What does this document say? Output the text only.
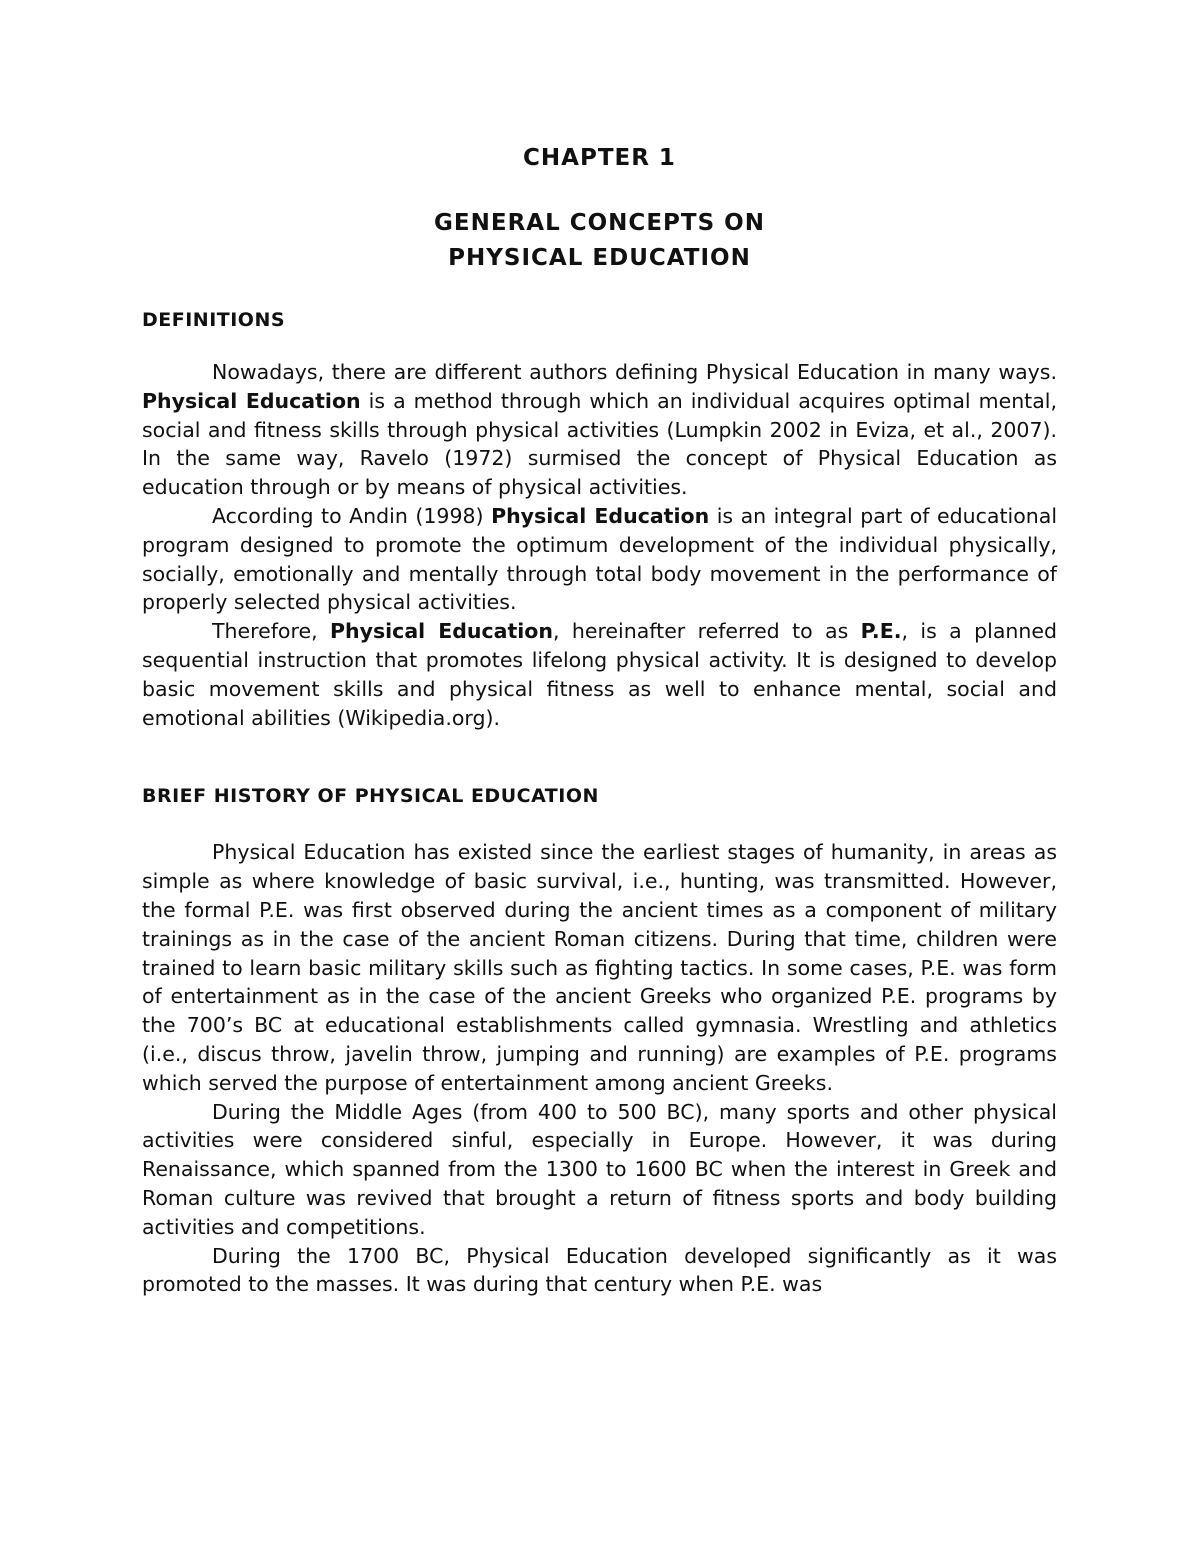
CHAPTER 1
GENERAL CONCEPTS ON
PHYSICAL EDUCATION
DEFINITIONS

Nowadays, there are different authors defining Physical Education in many ways. Physical Education is a method through which an individual acquires optimal mental, social and fitness skills through physical activities (Lumpkin 2002 in Eviza, et al., 2007). In the same way, Ravelo (1972) surmised the concept of Physical Education as education through or by means of physical activities.

According to Andin (1998) Physical Education is an integral part of educational program designed to promote the optimum development of the individual physically, socially, emotionally and mentally through total body movement in the performance of properly selected physical activities.

Therefore, Physical Education, hereinafter referred to as P.E., is a planned sequential instruction that promotes lifelong physical activity. It is designed to develop basic movement skills and physical fitness as well to enhance mental, social and emotional abilities (Wikipedia.org).

BRIEF HISTORY OF PHYSICAL EDUCATION

Physical Education has existed since the earliest stages of humanity, in areas as simple as where knowledge of basic survival, i.e., hunting, was transmitted. However, the formal P.E. was first observed during the ancient times as a component of military trainings as in the case of the ancient Roman citizens. During that time, children were trained to learn basic military skills such as fighting tactics. In some cases, P.E. was form of entertainment as in the case of the ancient Greeks who organized P.E. programs by the 700’s BC at educational establishments called gymnasia. Wrestling and athletics (i.e., discus throw, javelin throw, jumping and running) are examples of P.E. programs which served the purpose of entertainment among ancient Greeks.

During the Middle Ages (from 400 to 500 BC), many sports and other physical activities were considered sinful, especially in Europe. However, it was during Renaissance, which spanned from the 1300 to 1600 BC when the interest in Greek and Roman culture was revived that brought a return of fitness sports and body building activities and competitions.

During the 1700 BC, Physical Education developed significantly as it was promoted to the masses. It was during that century when P.E. was
